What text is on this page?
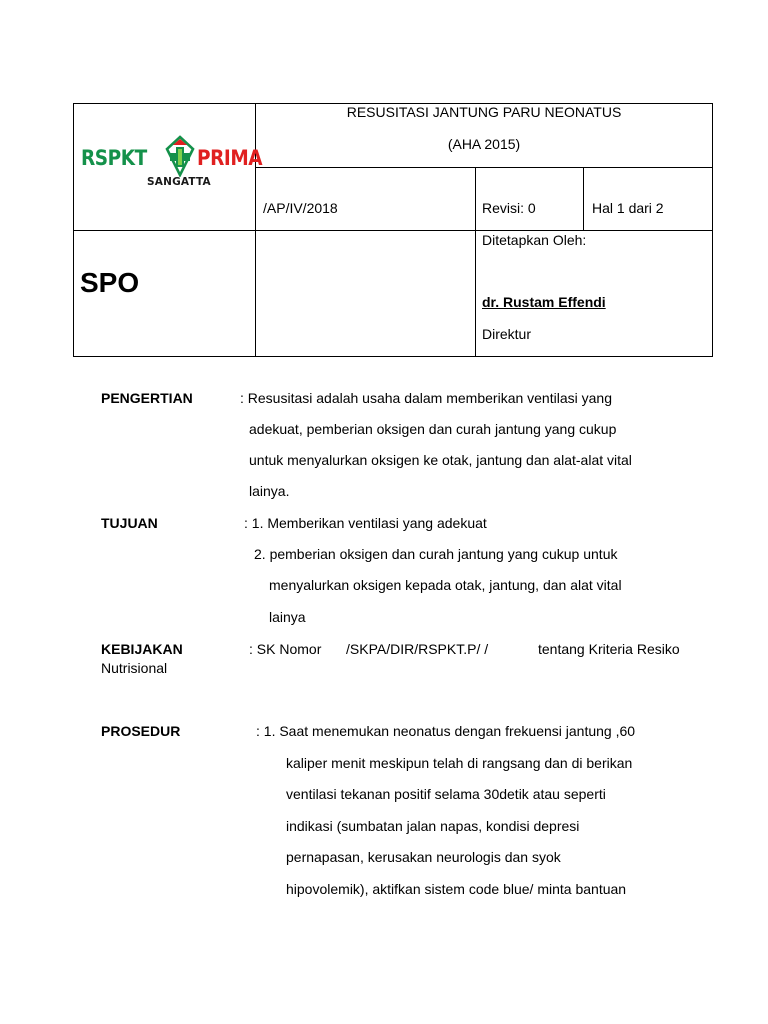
RSPKT PRIMA
SANGATTA
RESUSITASI JANTUNG PARU NEONATUS
(AHA 2015)
/AP/IV/2018	Revisi: 0	Hal 1 dari 2
SPO
Ditetapkan Oleh:
dr. Rustam Effendi
Direktur
PENGERTIAN	: Resusitasi adalah usaha dalam memberikan ventilasi yang
adekuat, pemberian oksigen dan curah jantung yang cukup
untuk menyalurkan oksigen ke otak, jantung dan alat-alat vital
lainya.
TUJUAN	: 1. Memberikan ventilasi yang adekuat
2. pemberian oksigen dan curah jantung yang cukup untuk
menyalurkan oksigen kepada otak, jantung, dan alat vital
lainya
KEBIJAKAN	: SK Nomor /SKPA/DIR/RSPKT.P/ /	tentang Kriteria Resiko
Nutrisional
PROSEDUR	: 1. Saat menemukan neonatus dengan frekuensi jantung ,60
kaliper menit meskipun telah di rangsang dan di berikan
ventilasi tekanan positif selama 30detik atau seperti
indikasi (sumbatan jalan napas, kondisi depresi
pernapasan, kerusakan neurologis dan syok
hipovolemik), aktifkan sistem code blue/ minta bantuan
